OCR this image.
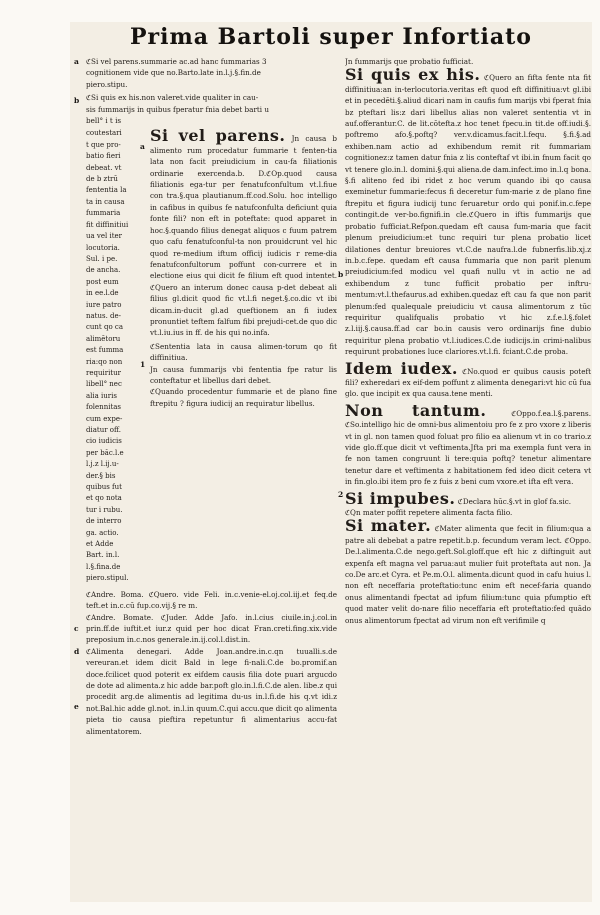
Prima Bartoli super Infortiato

ℭSi vel parens.summarie ac.ad hanc fummarias 3

cognitionem vide que no.Barto.late in.l.j.§.fin.de

piero.stipu.

ℭSi quis ex his.non valeret.vide qualiter in cau-
sis fummarijs in quibus fperatur fnia debet barti u
bell° i t is

coutestari
t que pro-
batio fieri
debeat. vt
de b ztrū
fententia la
ta in causa
fummaria
fit diffinitiui
ua vel iter
locutoria.
Sul. i pe.
de ancha.
post eum
in ee.l.de
iure patro
natus. de-
cunt qo ca
alimētoru
est fumma
ria:qo non
requiritur
libell° nec
alia iuris
folennitas
cum expe-
diatur off.
cio iudicis
per băc.l.e
l.j.z l.ij.u-
der.§ bis
quibus fut
et qo nota
tur i rubu.
de interro
ga. actio.
et Adde
Bart. in.l.
l.§.fina.de
piero.stipul.
Si vel parens. Jn causa b alimento rum procedatur fummarie t fenten-tia lata non facit preiudicium in cau-fa filiationis ordinarie exercenda.b. D.ℭOp.quod causa filiationis ega-tur per fenatufconfultum vt.l.fiue con tra.§.qua plautianum.ff.cod.Solu. hoc intelligo in cafibus in quibus fe natufconfulta deficiunt quia fonte fili? non eft in poteftate: quod apparet in hoc.§.quando filius denegat aliquos c fuum patrem quo cafu fenatufconful-ta non prouidcrunt vel hic quod re-medium iftum officij iudicis r reme-dia fenatufconfultorum poffunt con-currere et in electione eius qui dicit fe filium eft quod intentet. ℭQuero an interum donec causa p-det debeat ali filius gl.dicit quod fic vt.l.fi neget.§.co.dic vt ibi dicam.in-ducit gl.ad queftionem an fi iudex pronuntiet teftem falfum fibi prejudi-cet.de quo dic vt.l.iu.ius in ff. de his qui no.infa.

ℭSententia lata in causa alimen-torum qo fit diffinitiua.

Jn causa fummarijs vbi fententia fpe ratur lis conteftatur et libellus dari debet.

ℭQuando procedentur fummarie et de plano fine ftrepitu ? figura iudicij an requiratur libellus.

ℭAndre. Boma. ℭQuero. vide Feli. in.c.venie-el.oj.col.iij.et feq.de teft.et in.c.cū fup.co.vij.§ re m.

ℭAndre. Bomate. ℭJuder. Adde Jafo. in.l.cius ciuile.in.j.col.in prin.ff.de iuftit.et iur.z quid per hoc dicat Fran.creti.fing.xix.vide preposium in.c.nos generale.in.ij.col.l.dist.in.

ℭAlimenta denegari. Adde Joan.andre.in.c.qn tuualli.s.de vereuran.et idem dicit Bald in lege fi-nali.C.de bo.promif.an doce.fcilicet quod poterit ex eifdem causis filia dote puari argucdo de dote ad alimenta.z hic adde bar.poft glo.in.l.fi.C.de alen. libe.z qui procedit arg.de alimentis ad legitima du-us in.l.fi.de his q.vt idi.z not.Bal.hic adde gl.not. in.l.in quum.C.qui accu.que dicit qo alimenta pieta tio causa pieftira repetuntur fi alimentarius accu-fat alimentatorem.

Jn fummarijs que probatio fufficiat.

Si quis ex his. ℭQuero an fifta fente nta fit diffinitiua:an in-terlocutoria.veritas eft quod eft diffinitiua:vt gl.ibi et in pecedēti.§.aliud dicari nam in caufis fum marijs vbi fperat fnia bz pteftari lis:z dari libellus alias non valeret sententia vt in auf.offerantur.C. de lit.cōtefta.z hoc tenet fpecu.in tit.de off.iudi.§. poftremo afo.§.poftq? ver.v.dicamus.facit.l.fequ. §.fi.§.ad exhiben.nam actio ad exhibendum remit rit fummariam cognitionez:z tamen datur fnia z lis conteftaf vt ibi.in fnum facit qo vt tenere glo.in.l. domini.§.qui aliena.de dam.infect.imo in.l.q bona. §.fi aliteno fed ibi ridet z hoc verum quando ibi qo causa exeminetur fummarie:fecus fi deceretur fum-marie z de plano fine ftrepitu et figura iudicij tunc feruaretur ordo qui ponif.in.c.fepe contingit.de ver-bo.fignifi.in cle.ℭQuero in iftis fummarijs que probatio fufficiat.Refpon.quedam eft causa fum-maria que facit plenum preiudicium:et tunc requiri tur plena probatio licet dilationes dentur breuiores vt.C.de naufra.l.de fubnerfis.lib.xj.z in.b.c.fepe. quedam eft causa fummaria que non parit plenum preiudicium:fed modicu vel quafi nullu vt in actio ne ad exhibendum z tunc fufficit probatio per inftru-mentum:vt.l.thefaurus.ad exhiben.quedaz eft cau fa que non parit plenum:fed qualequale preiudiciu vt causa alimentorum z tūc requiritur qualifqualis probatio vt hic z.f.e.l.§.folet z.l.iij.§.causa.ff.ad car bo.in causis vero ordinarijs fine dubio requiritur plena probatio vt.l.iudices.C.de iudicijs.in crimi-nalibus requirunt probationes luce clariores.vt.l.fi. fciant.C.de proba.

Idem iudex. ℭNo.quod er quibus causis poteft fili? exheredari ex eif-dem poffunt z alimenta denegari:vt hic cū fua glo. que incipit ex qua causa.tene menti.

Non tantum.	ℭOppo.f.ea.l.§.parens. ℭSo.intelligo hic de omni-bus alimentoiu pro fe z pro vxore z liberis vt in gl. non tamen quod foluat pro filio ea alienum vt in co trario.z vide glo.ff.que dicit vt veftimenta.Jfta pri ma exempla funt vera in fe non tamen congruunt li tere:quia poftq? tenetur alimentare tenetur dare et veftimenta z habitationem fed ideo dicit cetera vt in fin.glo.ibi item pro fe z fuis z beni cum vxore.et ifta eft vera.

Si impubes. ℭDeclara hūc.§.vt in glof fa.sic.

ℭQn mater poffit repetere alimenta facta filio.

Si mater. ℭMater alimenta que fecit in filium:qua a patre ali debebat a patre repetit.b.p. fecundum veram lect. ℭOppo. De.l.alimenta.C.de nego.geft.Sol.gloff.que eft hic z diftinguit aut expenfa eft magna vel parua:aut mulier fuit proteftata aut non. Ja co.De arc.et Cyra. et Pe.m.O.l. alimenta.dicunt quod in cafu huius l. non eft neceffaria proteftatio:tunc enim eft necef-faria quando onus alimentandi fpectat ad ipfum filium:tunc quia pfumptio eft quod mater velit do-nare filio neceffaria eft proteftatio:fed quādo onus alimentorum fpectat ad virum non eft verifimile q

a
b
a
1
b
2
c
d
e
